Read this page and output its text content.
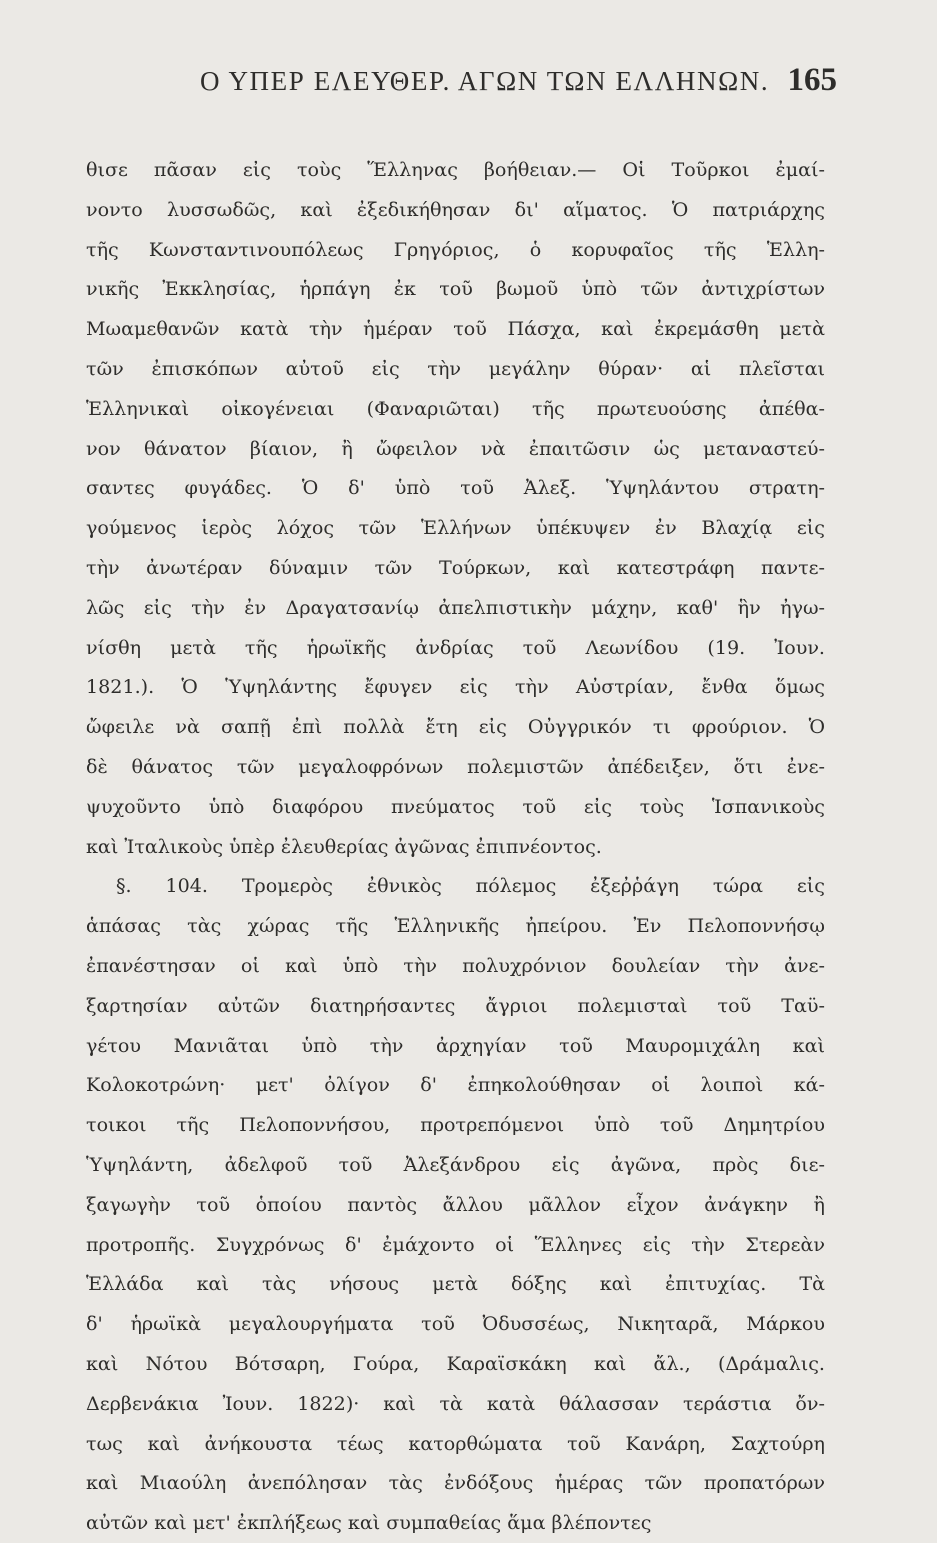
Ο ΥΠΕΡ ΕΛΕΥΘΕΡ. ΑΓΩΝ ΤΩΝ ΕΛΛΗΝΩΝ. 165
θισε πᾶσαν εἰς τοὺς Ἕλληνας βοήθειαν.— Οἱ Τοῦρκοι ἐμαί-
νοντο λυσσωδῶς, καὶ ἐξεδικήθησαν δι' αἵματος. Ὁ πατριάρχης
τῆς Κωνσταντινουπόλεως Γρηγόριος, ὁ κορυφαῖος τῆς Ἑλλη-
νικῆς Ἐκκλησίας, ἡρπάγη ἐκ τοῦ βωμοῦ ὑπὸ τῶν ἀντιχρίστων
Μωαμεθανῶν κατὰ τὴν ἡμέραν τοῦ Πάσχα, καὶ ἐκρεμάσθη μετὰ
τῶν ἐπισκόπων αὐτοῦ εἰς τὴν μεγάλην θύραν· αἱ πλεῖσται
Ἑλληνικαὶ οἰκογένειαι (Φαναριῶται) τῆς πρωτευούσης ἀπέθα-
νον θάνατον βίαιον, ἢ ὤφειλον νὰ ἐπαιτῶσιν ὡς μεταναστεύ-
σαντες φυγάδες. Ὁ δ' ὑπὸ τοῦ Ἀλεξ. Ὑψηλάντου στρατη-
γούμενος ἱερὸς λόχος τῶν Ἑλλήνων ὑπέκυψεν ἐν Βλαχίᾳ εἰς
τὴν ἀνωτέραν δύναμιν τῶν Τούρκων, καὶ κατεστράφη παντε-
λῶς εἰς τὴν ἐν Δραγατσανίῳ ἀπελπιστικὴν μάχην, καθ' ἣν ἠγω-
νίσθη μετὰ τῆς ἡρωϊκῆς ἀνδρίας τοῦ Λεωνίδου (19. Ἰουν.
1821.). Ὁ Ὑψηλάντης ἔφυγεν εἰς τὴν Αὐστρίαν, ἔνθα ὅμως
ὤφειλε νὰ σαπῇ ἐπὶ πολλὰ ἔτη εἰς Οὐγγρικόν τι φρούριον. Ὁ
δὲ θάνατος τῶν μεγαλοφρόνων πολεμιστῶν ἀπέδειξεν, ὅτι ἐνε-
ψυχοῦντο ὑπὸ διαφόρου πνεύματος τοῦ εἰς τοὺς Ἱσπανικοὺς
καὶ Ἰταλικοὺς ὑπὲρ ἐλευθερίας ἀγῶνας ἐπιπνέοντος.
§. 104. Τρομερὸς ἐθνικὸς πόλεμος ἐξεῤῥάγη τώρα εἰς
ἁπάσας τὰς χώρας τῆς Ἑλληνικῆς ἠπείρου. Ἐν Πελοποννήσῳ
ἐπανέστησαν οἱ καὶ ὑπὸ τὴν πολυχρόνιον δουλείαν τὴν ἀνε-
ξαρτησίαν αὐτῶν διατηρήσαντες ἄγριοι πολεμισταὶ τοῦ Ταϋ-
γέτου Μανιᾶται ὑπὸ τὴν ἀρχηγίαν τοῦ Μαυρομιχάλη καὶ
Κολοκοτρώνη· μετ' ὀλίγον δ' ἐπηκολούθησαν οἱ λοιποὶ κά-
τοικοι τῆς Πελοποννήσου, προτρεπόμενοι ὑπὸ τοῦ Δημητρίου
Ὑψηλάντη, ἀδελφοῦ τοῦ Ἀλεξάνδρου εἰς ἀγῶνα, πρὸς διε-
ξαγωγὴν τοῦ ὁποίου παντὸς ἄλλου μᾶλλον εἶχον ἀνάγκην ἢ
προτροπῆς. Συγχρόνως δ' ἐμάχοντο οἱ Ἕλληνες εἰς τὴν Στερεὰν
Ἑλλάδα καὶ τὰς νήσους μετὰ δόξης καὶ ἐπιτυχίας. Τὰ
δ' ἡρωϊκὰ μεγαλουργήματα τοῦ Ὀδυσσέως, Νικηταρᾶ, Μάρκου
καὶ Νότου Βότσαρη, Γούρα, Καραϊσκάκη καὶ ἄλ., (Δράμαλις.
Δερβενάκια Ἰουν. 1822)· καὶ τὰ κατὰ θάλασσαν τεράστια ὄν-
τως καὶ ἀνήκουστα τέως κατορθώματα τοῦ Κανάρη, Σαχτούρη
καὶ Μιαούλη ἀνεπόλησαν τὰς ἐνδόξους ἡμέρας τῶν προπατόρων
αὐτῶν καὶ μετ' ἐκπλήξεως καὶ συμπαθείας ἅμα βλέποντες
